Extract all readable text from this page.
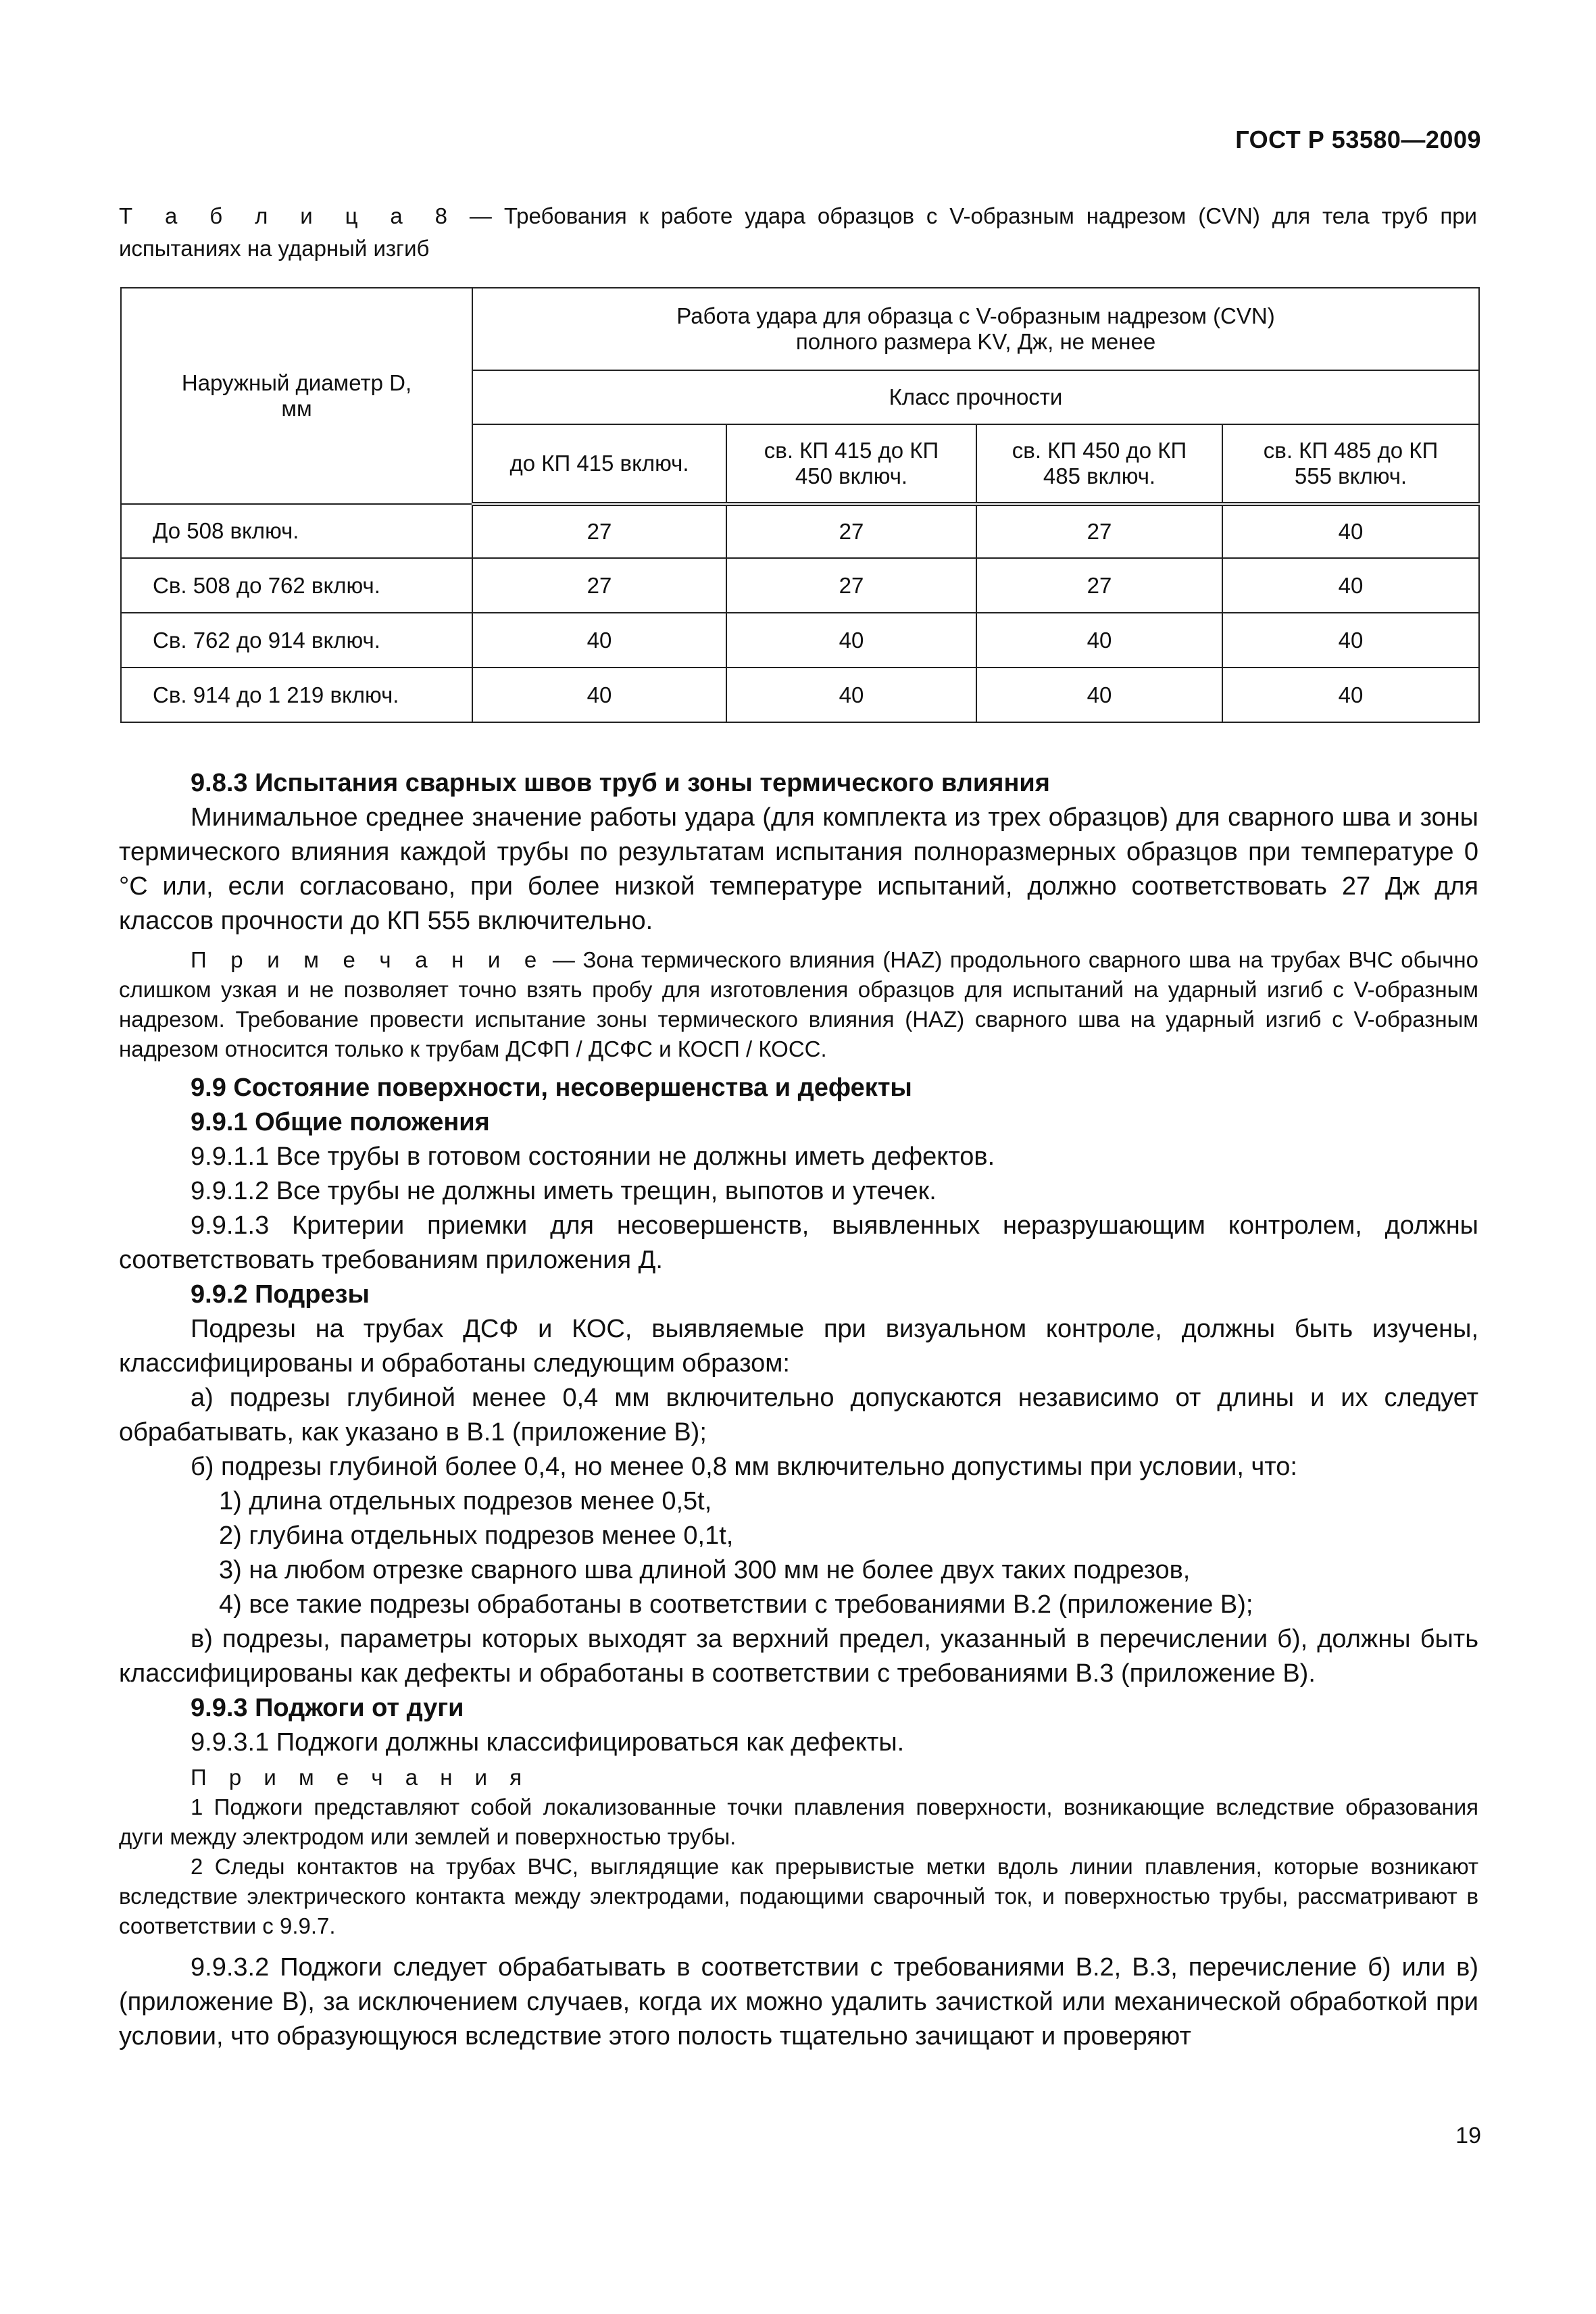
ГОСТ Р 53580—2009
Т а б л и ц а 8 — Требования к работе удара образцов с V-образным надрезом (CVN) для тела труб при испытаниях на ударный изгиб
Наружный диаметр D, мм	Работа удара для образца с V-образным надрезом (CVN)
полного размера KV, Дж, не менее			

	Класс прочности			
	до КП 415 включ.	св. КП 415 до КП 450 включ.	св. КП 450 до КП 485 включ.	св. КП 485 до КП 555 включ.
До 508 включ.	27	27	27	40
Св. 508 до 762 включ.	27	27	27	40
Св. 762 до 914 включ.	40	40	40	40
Св. 914 до 1 219 включ.	40	40	40	40
9.8.3 Испытания сварных швов труб и зоны термического влияния

Минимальное среднее значение работы удара (для комплекта из трех образцов) для сварного шва и зоны термического влияния каждой трубы по результатам испытания полноразмерных образцов при температуре 0 °С или, если согласовано, при более низкой температуре испытаний, должно соответствовать 27 Дж для классов прочности до КП 555 включительно.

П р и м е ч а н и е — Зона термического влияния (HAZ) продольного сварного шва на трубах ВЧС обычно слишком узкая и не позволяет точно взять пробу для изготовления образцов для испытаний на ударный изгиб с V-образным надрезом. Требование провести испытание зоны термического влияния (HAZ) сварного шва на ударный изгиб с V-образным надрезом относится только к трубам ДСФП / ДСФС и КОСП / КОСС.

9.9 Состояние поверхности, несовершенства и дефекты
9.9.1 Общие положения

9.9.1.1 Все трубы в готовом состоянии не должны иметь дефектов.

9.9.1.2 Все трубы не должны иметь трещин, выпотов и утечек.

9.9.1.3 Критерии приемки для несовершенств, выявленных неразрушающим контролем, должны соответствовать требованиям приложения Д.

9.9.2 Подрезы

Подрезы на трубах ДСФ и КОС, выявляемые при визуальном контроле, должны быть изучены, классифицированы и обработаны следующим образом:

а) подрезы глубиной менее 0,4 мм включительно допускаются независимо от длины и их следует обрабатывать, как указано в В.1 (приложение В);

б) подрезы глубиной более 0,4, но менее 0,8 мм включительно допустимы при условии, что:

1) длина отдельных подрезов менее 0,5t,

2) глубина отдельных подрезов менее 0,1t,

3) на любом отрезке сварного шва длиной 300 мм не более двух таких подрезов,

4) все такие подрезы обработаны в соответствии с требованиями В.2 (приложение В);

в) подрезы, параметры которых выходят за верхний предел, указанный в перечислении б), должны быть классифицированы как дефекты и обработаны в соответствии с требованиями В.3 (приложение В).

9.9.3 Поджоги от дуги

9.9.3.1 Поджоги должны классифицироваться как дефекты.

П р и м е ч а н и я

1 Поджоги представляют собой локализованные точки плавления поверхности, возникающие вследствие образования дуги между электродом или землей и поверхностью трубы.

2 Следы контактов на трубах ВЧС, выглядящие как прерывистые метки вдоль линии плавления, которые возникают вследствие электрического контакта между электродами, подающими сварочный ток, и поверхностью трубы, рассматривают в соответствии с 9.9.7.

9.9.3.2 Поджоги следует обрабатывать в соответствии с требованиями В.2, В.3, перечисление б) или в) (приложение В), за исключением случаев, когда их можно удалить зачисткой или механической обработкой при условии, что образующуюся вследствие этого полость тщательно зачищают и проверяют

19
